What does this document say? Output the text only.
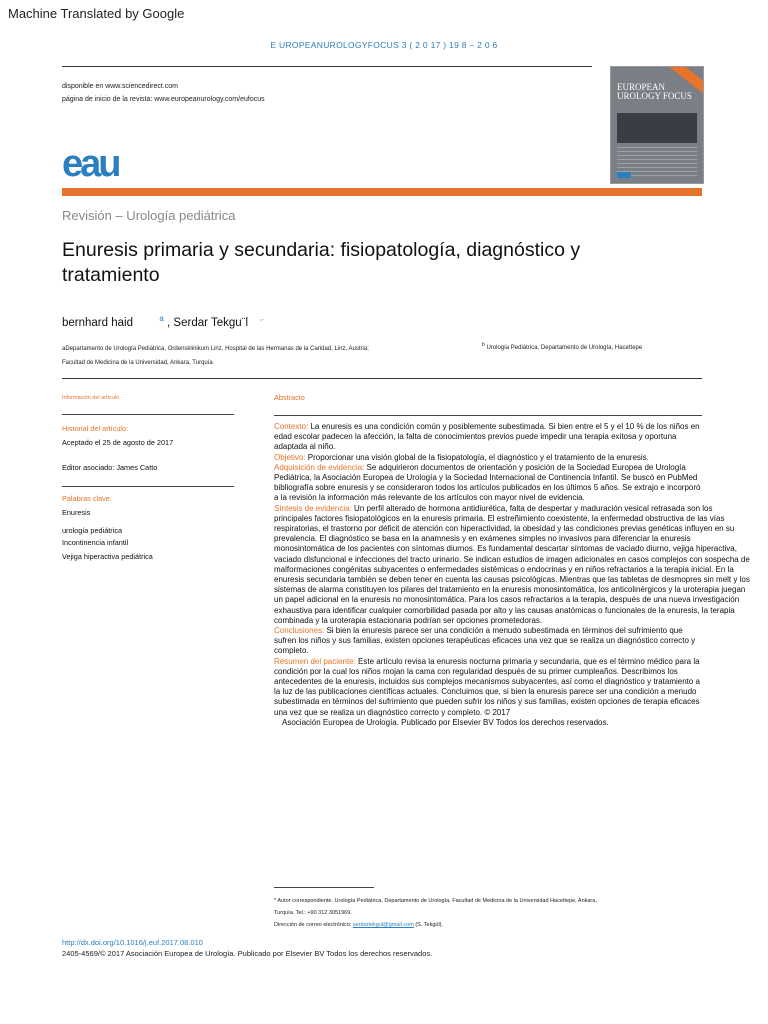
Machine Translated by Google
E UROPEANUROLOGYFOCUS 3 ( 2 0 17 ) 19 8 – 2 0 6
disponible en www.sciencedirect.com
página de inicio de la revista: www.europeanurology.com/eufocus
EUROPEAN UROLOGY FOCUS
eau
Revisión – Urología pediátrica
Enuresis primaria y secundaria: fisiopatología, diagnóstico y tratamiento
bernhard haid	$^a$ , Serdar Tekgu¨l	$^{b,*}$
aDepartamento de Urología Pediátrica, Ordensklinikum Linz, Hospital de las Hermanas de la Caridad, Linz, Austria;
$^b$ Urología Pediátrica, Departamento de Urología, Hacettepe
Facultad de Medicina de la Universidad, Ankara, Turquía
Información del artículo
Historial del artículo:
Aceptado el 25 de agosto de 2017
Editor asociado: James Catto
Palabras clave:
Enuresis
urología pediátrica
Incontinencia infantil
Vejiga hiperactiva pediátrica
Abstracto

Contexto: La enuresis es una condición común y posiblemente subestimada. Si bien entre el 5 y el 10 % de los niños en edad escolar padecen la afección, la falta de conocimientos previos puede impedir una terapia exitosa y oportuna adaptada al niño.

Objetivo: Proporcionar una visión global de la fisiopatología, el diagnóstico y el tratamiento de la enuresis.

Adquisición de evidencia: Se adquirieron documentos de orientación y posición de la Sociedad Europea de Urología Pediátrica, la Asociación Europea de Urología y la Sociedad Internacional de Continencia Infantil. Se buscó en PubMed bibliografía sobre enuresis y se consideraron todos los artículos publicados en los últimos 5 años. Se extrajo e incorporó a la revisión la información más relevante de los artículos con mayor nivel de evidencia.

Síntesis de evidencia: Un perfil alterado de hormona antidiurética, falta de despertar y maduración vesical retrasada son los principales factores fisiopatológicos en la enuresis primaria. El estreñimiento coexistente, la enfermedad obstructiva de las vías respiratorias, el trastorno por déficit de atención con hiperactividad, la obesidad y las condiciones previas genéticas influyen en su prevalencia. El diagnóstico se basa en la anamnesis y en exámenes simples no invasivos para diferenciar la enuresis monosintomática de los pacientes con síntomas diurnos. Es fundamental descartar síntomas de vaciado diurno, vejiga hiperactiva, vaciado disfuncional e infecciones del tracto urinario. Se indican estudios de imagen adicionales en casos complejos con sospecha de malformaciones congénitas subyacentes o enfermedades sistémicas o endocrinas y en niños refractarios a la terapia inicial. En la enuresis secundaria también se deben tener en cuenta las causas psicológicas. Mientras que las tabletas de desmopres sin melt y los sistemas de alarma constituyen los pilares del tratamiento en la enuresis monosintomática, los anticolinérgicos y la uroterapia juegan un papel adicional en la enuresis no monosintomática. Para los casos refractarios a la terapia, después de una nueva investigación exhaustiva para identificar cualquier comorbilidad pasada por alto y las causas anatómicas o funcionales de la enuresis, la terapia combinada y la uroterapia estacionaria podrían ser opciones prometedoras.

Conclusiones: Si bien la enuresis parece ser una condición a menudo subestimada en términos del sufrimiento que sufren los niños y sus familias, existen opciones terapéuticas eficaces una vez que se realiza un diagnóstico correcto y completo.

Resumen del paciente: Este artículo revisa la enuresis nocturna primaria y secundaria, que es el término médico para la condición por la cual los niños mojan la cama con regularidad después de su primer cumpleaños. Describimos los antecedentes de la enuresis, incluidos sus complejos mecanismos subyacentes, así como el diagnóstico y tratamiento a la luz de las publicaciones científicas actuales. Concluimos que, si bien la enuresis parece ser una condición a menudo subestimada en términos del sufrimiento que pueden sufrir los niños y sus familias, existen opciones de terapia eficaces una vez que se realiza un diagnóstico correcto y completo. © 2017

Asociación Europea de Urología. Publicado por Elsevier BV Todos los derechos reservados.

* Autor correspondiente. Urología Pediátrica, Departamento de Urología, Facultad de Medicina de la Universidad Hacettepe, Ankara,
Turquía. Tel.: +90 312 3051969.
Dirección de correo electrónico: serdartekgul@gmail.com (S. Tekgül).
http://dx.doi.org/10.1016/j.euf.2017.08.010
2405-4569/© 2017 Asociación Europea de Urología. Publicado por Elsevier BV Todos los derechos reservados.
